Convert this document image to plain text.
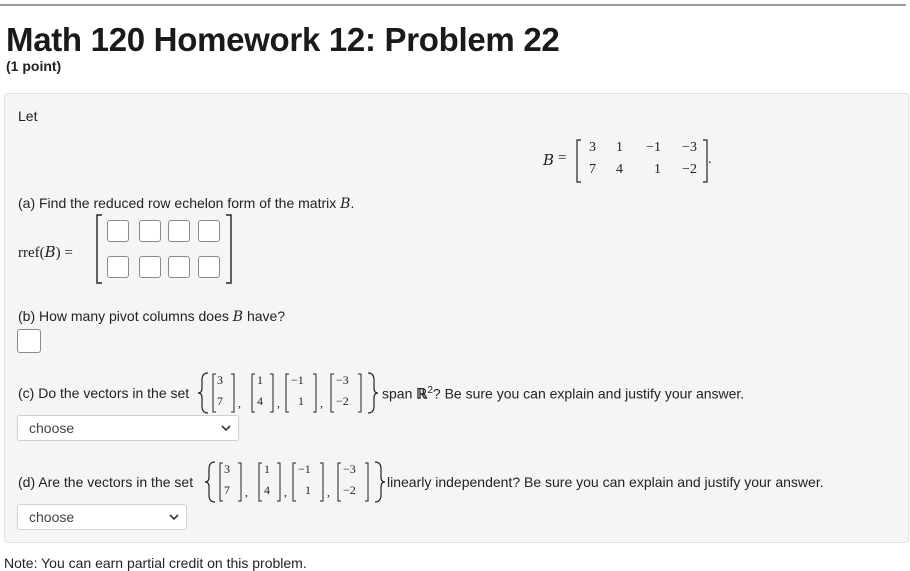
Math 120 Homework 12: Problem 22
(1 point)
Let
B =
3	1	−1	−3
7	4	1	−2
.
(a) Find the reduced row echelon form of the matrix B.
rref(B) =
(b) How many pivot columns does B have?
(c) Do the vectors in the set
3
7 ,
1
4 ,
−1
1 ,
−3
−2 span ℝ$^2$? Be sure you can explain and justify your answer.
choose
(d) Are the vectors in the set
3
7 ,
1
4 ,
−1
1 ,
−3
−2 linearly independent? Be sure you can explain and justify your answer.
choose
Note: You can earn partial credit on this problem.
